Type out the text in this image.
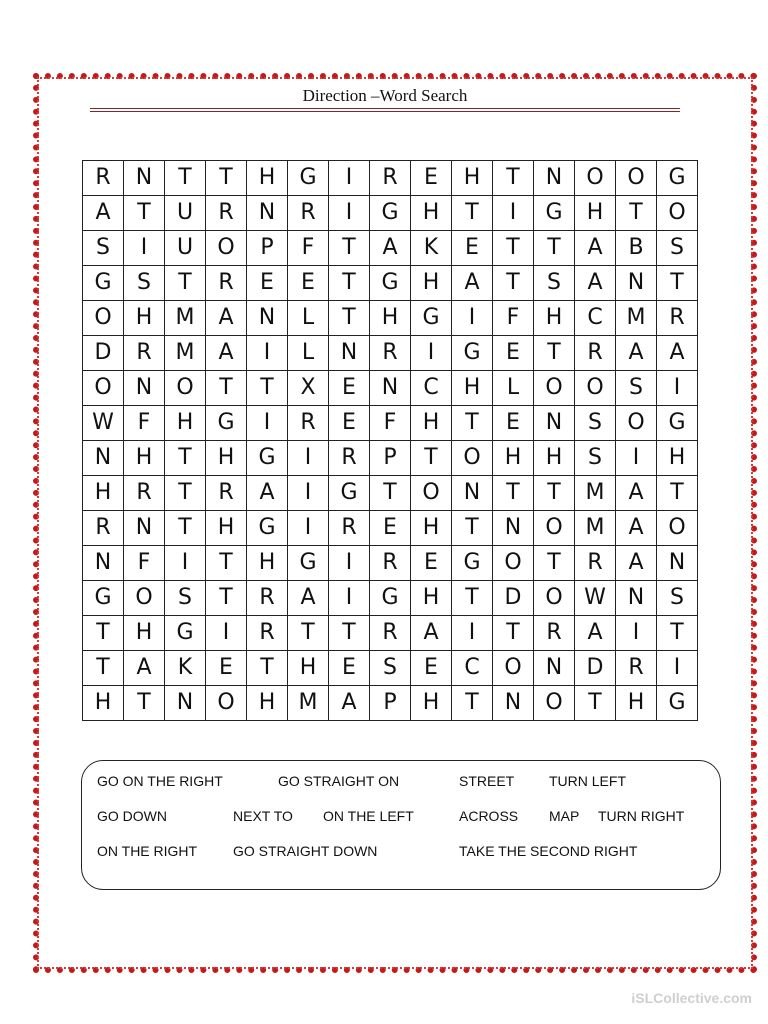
Direction –Word Search
R	N	T	T	H	G	I	R	E	H	T	N	O	O	G
A	T	U	R	N	R	I	G	H	T	I	G	H	T	O
S	I	U	O	P	F	T	A	K	E	T	T	A	B	S
G	S	T	R	E	E	T	G	H	A	T	S	A	N	T
O	H	M	A	N	L	T	H	G	I	F	H	C	M	R
D	R	M	A	I	L	N	R	I	G	E	T	R	A	A
O	N	O	T	T	X	E	N	C	H	L	O	O	S	I
W	F	H	G	I	R	E	F	H	T	E	N	S	O	G
N	H	T	H	G	I	R	P	T	O	H	H	S	I	H
H	R	T	R	A	I	G	T	O	N	T	T	M	A	T
R	N	T	H	G	I	R	E	H	T	N	O	M	A	O
N	F	I	T	H	G	I	R	E	G	O	T	R	A	N
G	O	S	T	R	A	I	G	H	T	D	O	W	N	S
T	H	G	I	R	T	T	R	A	I	T	R	A	I	T
T	A	K	E	T	H	E	S	E	C	O	N	D	R	I
H	T	N	O	H	M	A	P	H	T	N	O	T	H	G
GO ON THE RIGHT	GO STRAIGHT ON	STREET TURN LEFT
GO DOWN	NEXT TO ON THE LEFT	ACROSS MAP TURN RIGHT
ON THE RIGHT	GO STRAIGHT DOWN	TAKE THE SECOND RIGHT
iSLCollective.com
